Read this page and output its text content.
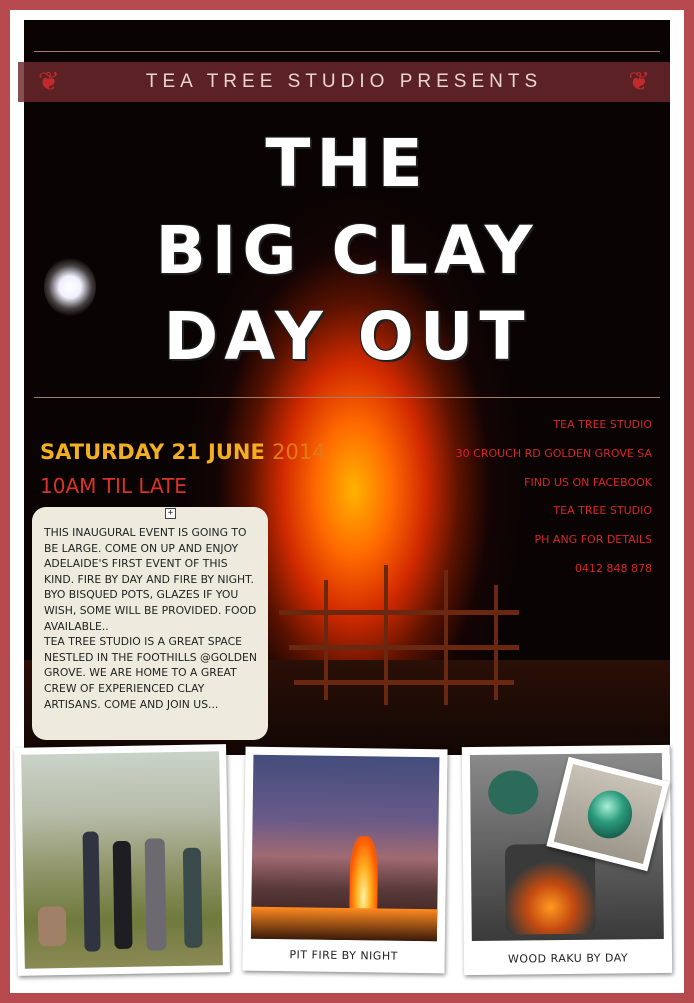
❦	TEA TREE STUDIO PRESENTS	❦
THE
BIG CLAY
DAY OUT
SATURDAY 21 JUNE 2014
10AM TIL LATE
TEA TREE STUDIO
30 CROUCH RD GOLDEN GROVE SA
FIND US ON FACEBOOK
TEA TREE STUDIO
PH ANG FOR DETAILS
0412 848 878
THIS INAUGURAL EVENT IS GOING TO BE LARGE. COME ON UP AND ENJOY ADELAIDE'S FIRST EVENT OF THIS KIND. FIRE BY DAY AND FIRE BY NIGHT. BYO BISQUED POTS, GLAZES IF YOU WISH, SOME WILL BE PROVIDED. FOOD AVAILABLE..
TEA TREE STUDIO IS A GREAT SPACE NESTLED IN THE FOOTHILLS @GOLDEN GROVE. WE ARE HOME TO A GREAT CREW OF EXPERIENCED CLAY ARTISANS. COME AND JOIN US...
+
PIT FIRE BY NIGHT	WOOD RAKU BY DAY
